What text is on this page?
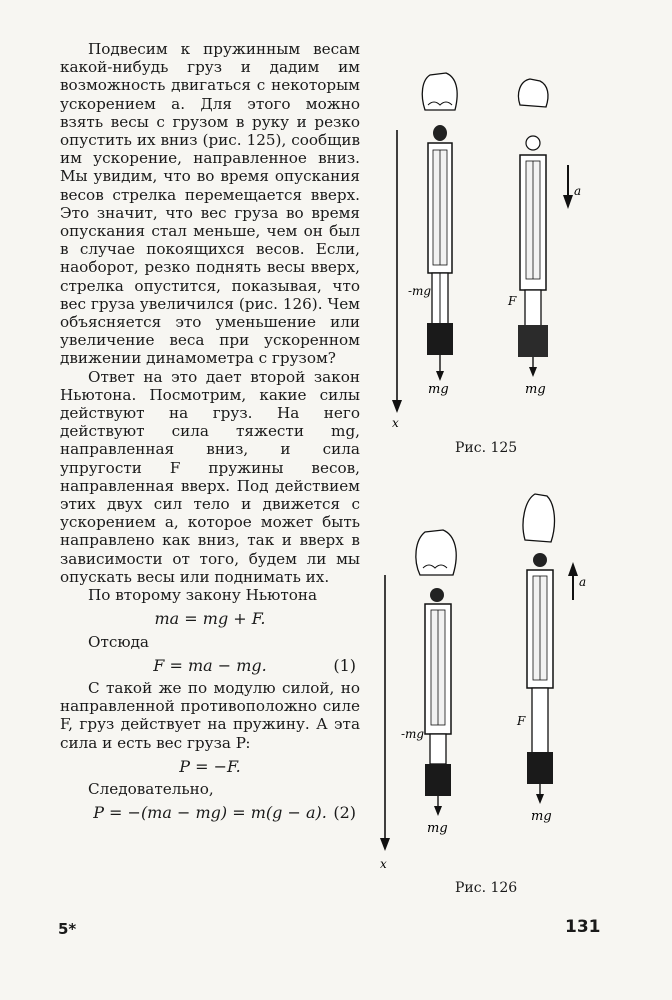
Подвесим к пружинным весам какой-нибудь груз и дадим им возможность двигаться с некоторым ускорением a. Для этого можно взять весы с грузом в руку и резко опустить их вниз (рис. 125), сообщив им ускорение, направленное вниз. Мы увидим, что во время опускания весов стрелка перемещается вверх. Это значит, что вес груза во время опускания стал меньше, чем он был в случае покоящихся весов. Если, наоборот, резко поднять весы вверх, стрелка опустится, показывая, что вес груза увеличился (рис. 126). Чем объясняется это уменьшение или увеличение веса при ускоренном движении динамометра с грузом?

Ответ на это дает второй закон Ньютона. Посмотрим, какие силы действуют на груз. На него действуют сила тяжести mg, направленная вниз, и сила упругости F пружины весов, направленная вверх. Под действием этих двух сил тело и движется с ускорением a, которое может быть направлено как вниз, так и вверх в зависимости от того, будем ли мы опускать весы или поднимать их.

По второму закону Ньютона

ma = mg + F.

Отсюда

F = ma − mg.	(1)

С такой же по модулю силой, но направленной противоположно силе F, груз действует на пружину. А эта сила и есть вес груза P:

P = −F.

Следовательно,

P = −(ma − mg) = m(g − a). (2)
x
-mg
mg
F
mg
a
Рис. 125
x
-mg
mg
F
mg
a
Рис. 126
5*	131
